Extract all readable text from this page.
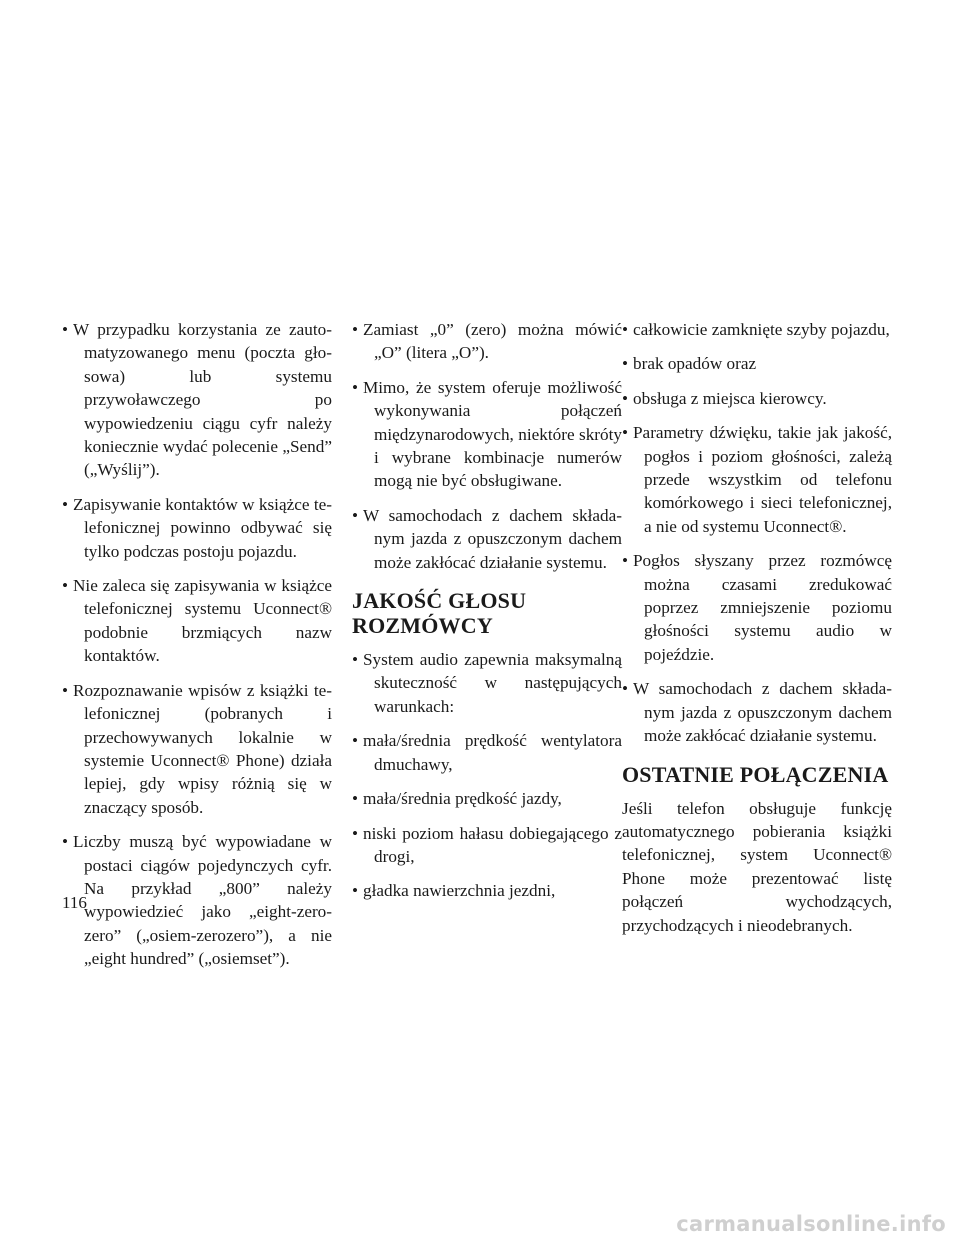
• W przypadku korzystania ze zautomatyzowanego menu (poczta głosowa) lub systemu przywoławczego po wypowiedzeniu ciągu cyfr należy koniecznie wydać polecenie „Send” („Wyślij”).
• Zapisywanie kontaktów w książce telefonicznej powinno odbywać się tylko podczas postoju pojazdu.
• Nie zaleca się zapisywania w książce telefonicznej systemu Uconnect® podobnie brzmiących nazw kontaktów.
• Rozpoznawanie wpisów z książki telefonicznej (pobranych i przechowywanych lokalnie w systemie Uconnect® Phone) działa lepiej, gdy wpisy różnią się w znaczący sposób.
• Liczby muszą być wypowiadane w postaci ciągów pojedynczych cyfr. Na przykład „800” należy wypowiedzieć jako „eight-zero-zero” („osiem-zerozero”), a nie „eight hundred” („osiemset”).
• Zamiast „0” (zero) można mówić „O” (litera „O”).
• Mimo, że system oferuje możliwość wykonywania połączeń międzynarodowych, niektóre skróty i wybrane kombinacje numerów mogą nie być obsługiwane.
• W samochodach z dachem składanym jazda z opuszczonym dachem może zakłócać działanie systemu.
JAKOŚĆ GŁOSU ROZMÓWCY
• System audio zapewnia maksymalną skuteczność w następujących warunkach:
• mała/średnia prędkość wentylatora dmuchawy,
• mała/średnia prędkość jazdy,
• niski poziom hałasu dobiegającego z drogi,
• gładka nawierzchnia jezdni,
• całkowicie zamknięte szyby pojazdu,
• brak opadów oraz
• obsługa z miejsca kierowcy.
• Parametry dźwięku, takie jak jakość, pogłos i poziom głośności, zależą przede wszystkim od telefonu komórkowego i sieci telefonicznej, a nie od systemu Uconnect®.
• Pogłos słyszany przez rozmówcę można czasami zredukować poprzez zmniejszenie poziomu głośności systemu audio w pojeździe.
• W samochodach z dachem składanym jazda z opuszczonym dachem może zakłócać działanie systemu.
OSTATNIE POŁĄCZENIA

Jeśli telefon obsługuje funkcję automatycznego pobierania książki telefonicznej, system Uconnect® Phone może prezentować listę połączeń wychodzących, przychodzących i nieodebranych.

116
carmanualsonline.info
